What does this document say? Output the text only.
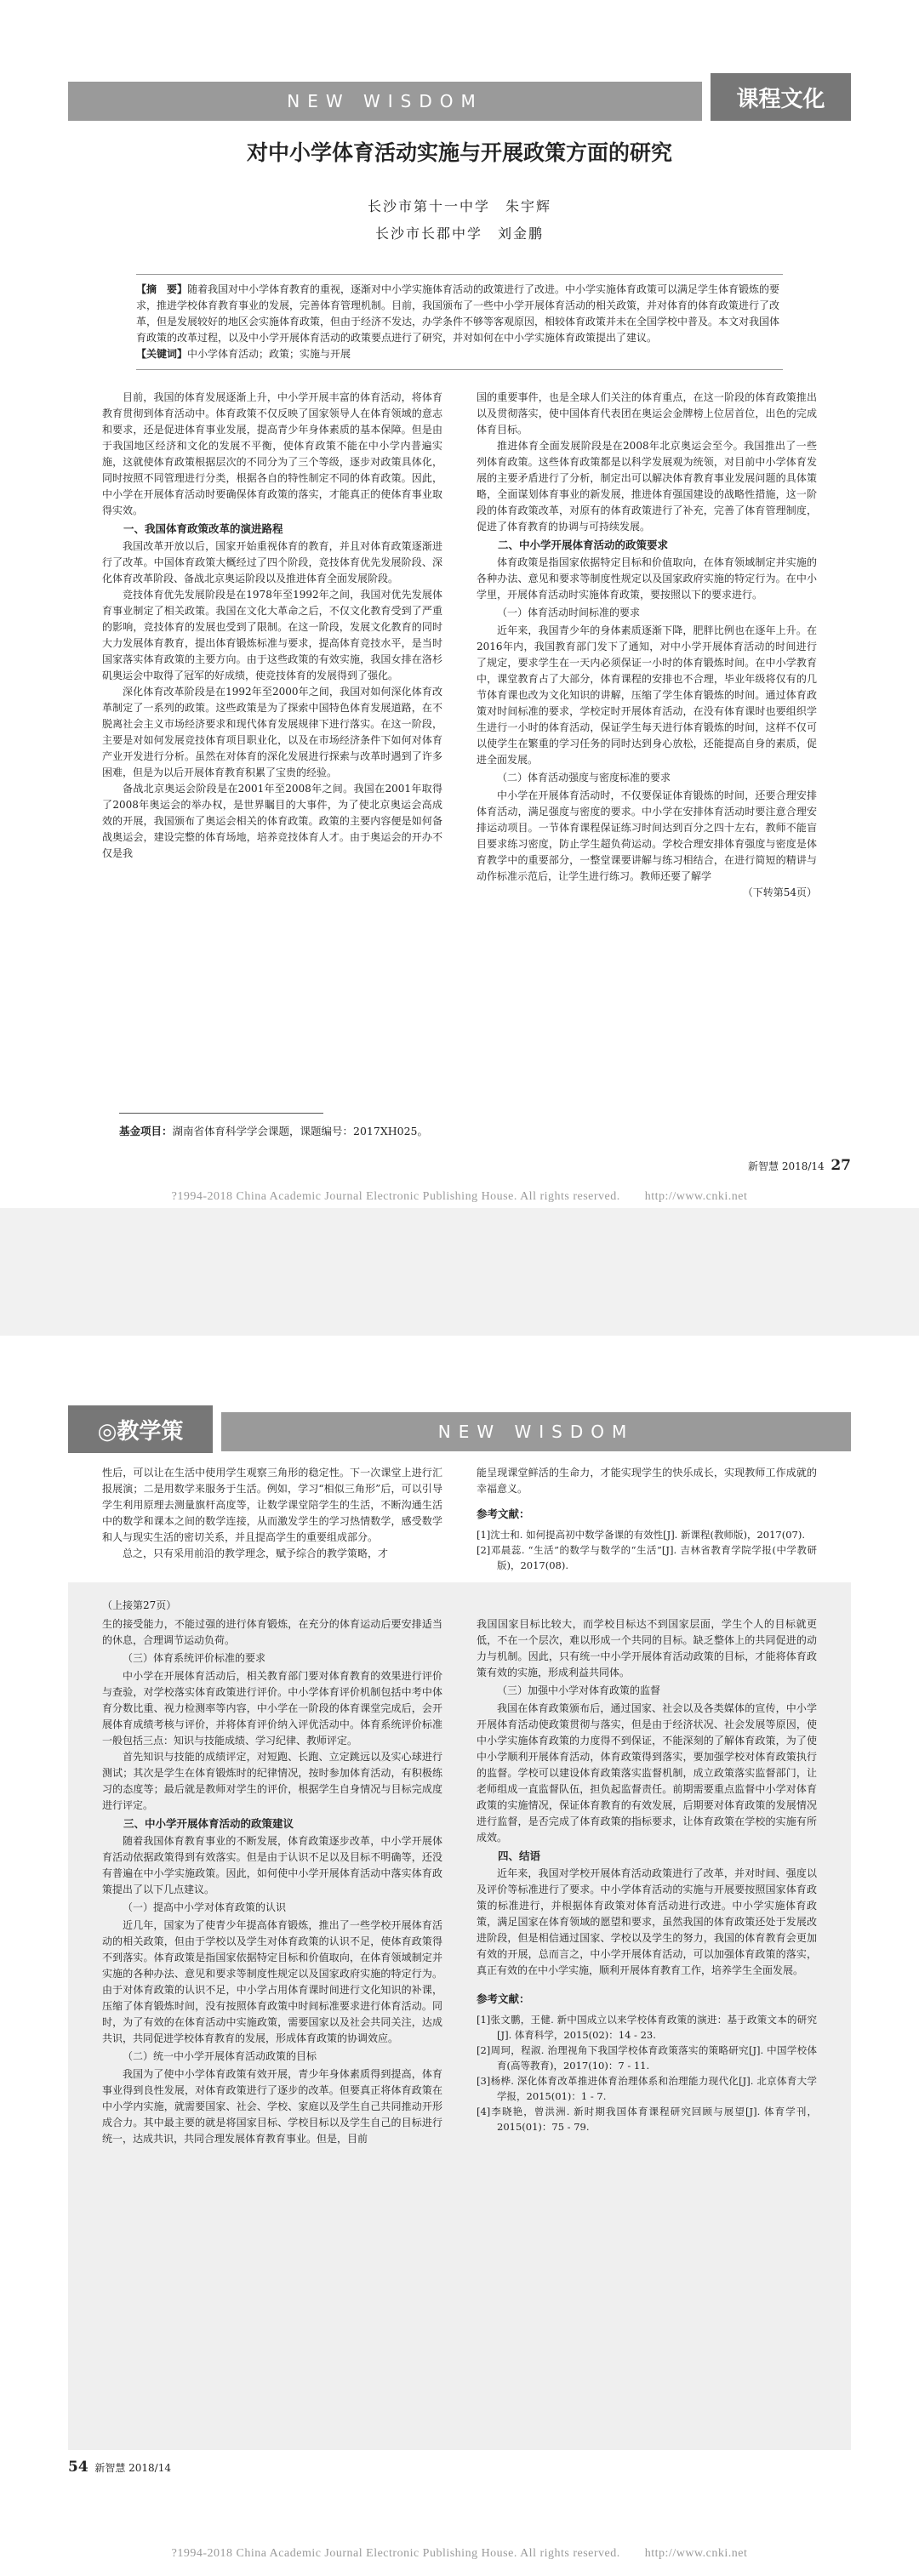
NEW WISDOM	课程文化
对中小学体育活动实施与开展政策方面的研究
长沙市第十一中学　朱宇辉
长沙市长郡中学　刘金鹏
【摘　要】随着我国对中小学体育教育的重视，逐渐对中小学实施体育活动的政策进行了改进。中小学实施体育政策可以满足学生体育锻炼的要求，推进学校体育教育事业的发展，完善体育管理机制。目前，我国颁布了一些中小学开展体育活动的相关政策，并对体育的体育政策进行了改革，但是发展较好的地区会实施体育政策，但由于经济不发达，办学条件不够等客观原因，相较体育政策并未在全国学校中普及。本文对我国体育政策的改革过程，以及中小学开展体育活动的政策要点进行了研究，并对如何在中小学实施体育政策提出了建议。
【关键词】中小学体育活动；政策；实施与开展

目前，我国的体育发展逐渐上升，中小学开展丰富的体育活动，将体育教育贯彻到体育活动中。体育政策不仅反映了国家领导人在体育领域的意志和要求，还是促进体育事业发展，提高青少年身体素质的基本保障。但是由于我国地区经济和文化的发展不平衡，使体育政策不能在中小学内普遍实施，这就使体育政策根据层次的不同分为了三个等级，逐步对政策具体化，同时按照不同管理进行分类，根据各自的特性制定不同的体育政策。因此，中小学在开展体育活动时要确保体育政策的落实，才能真正的使体育事业取得实效。

一、我国体育政策改革的演进路程

我国改革开放以后，国家开始重视体育的教育，并且对体育政策逐渐进行了改革。中国体育政策大概经过了四个阶段，竞技体育优先发展阶段、深化体育改革阶段、备战北京奥运阶段以及推进体育全面发展阶段。

竞技体育优先发展阶段是在1978年至1992年之间，我国对优先发展体育事业制定了相关政策。我国在文化大革命之后，不仅文化教育受到了严重的影响，竞技体育的发展也受到了限制。在这一阶段，发展文化教育的同时大力发展体育教育，提出体育锻炼标准与要求，提高体育竞技水平，是当时国家落实体育政策的主要方向。由于这些政策的有效实施，我国女排在洛杉矶奥运会中取得了冠军的好成绩，使竞技体育的发展得到了强化。

深化体育改革阶段是在1992年至2000年之间，我国对如何深化体育改革制定了一系列的政策。这些政策是为了探索中国特色体育发展道路，在不脱离社会主义市场经济要求和现代体育发展规律下进行落实。在这一阶段，主要是对如何发展竞技体育项目职业化，以及在市场经济条件下如何对体育产业开发进行分析。虽然在对体育的深化发展进行探索与改革时遇到了许多困难，但是为以后开展体育教育积累了宝贵的经验。

备战北京奥运会阶段是在2001年至2008年之间。我国在2001年取得了2008年奥运会的举办权，是世界瞩目的大事件，为了使北京奥运会高成效的开展，我国颁布了奥运会相关的体育政策。政策的主要内容便是如何备战奥运会，建设完整的体育场地，培养竞技体育人才。由于奥运会的开办不仅是我

国的重要事件，也是全球人们关注的体育重点，在这一阶段的体育政策推出以及贯彻落实，使中国体育代表团在奥运会金牌榜上位居首位，出色的完成体育目标。

推进体育全面发展阶段是在2008年北京奥运会至今。我国推出了一些列体育政策。这些体育政策都是以科学发展观为统领，对目前中小学体育发展的主要矛盾进行了分析，制定出可以解决体育教育事业发展问题的具体策略，全面谋划体育事业的新发展，推进体育强国建设的战略性措施，这一阶段的体育政策改革，对原有的体育政策进行了补充，完善了体育管理制度，促进了体育教育的协调与可持续发展。

二、中小学开展体育活动的政策要求

体育政策是指国家依据特定目标和价值取向，在体育领域制定并实施的各种办法、意见和要求等制度性规定以及国家政府实施的特定行为。在中小学里，开展体育活动时实施体育政策，要按照以下的要求进行。

（一）体育活动时间标准的要求

近年来，我国青少年的身体素质逐渐下降，肥胖比例也在逐年上升。在2016年内，我国教育部门发下了通知，对中小学开展体育活动的时间进行了规定，要求学生在一天内必须保证一小时的体育锻炼时间。在中小学教育中，课堂教育占了大部分，体育课程的安排也不合理，毕业年级将仅有的几节体育课也改为文化知识的讲解，压缩了学生体育锻炼的时间。通过体育政策对时间标准的要求，学校定时开展体育活动，在没有体育课时也要组织学生进行一小时的体育活动，保证学生每天进行体育锻炼的时间，这样不仅可以使学生在繁重的学习任务的同时达到身心放松，还能提高自身的素质，促进全面发展。

（二）体育活动强度与密度标准的要求

中小学在开展体育活动时，不仅要保证体育锻炼的时间，还要合理安排体育活动，满足强度与密度的要求。中小学在安排体育活动时要注意合理安排运动项目。一节体育课程保证练习时间达到百分之四十左右，教师不能盲目要求练习密度，防止学生超负荷运动。学校合理安排体育强度与密度是体育教学中的重要部分，一整堂课要讲解与练习相结合，在进行简短的精讲与动作标准示范后，让学生进行练习。教师还要了解学

（下转第54页）
基金项目：湖南省体育科学学会课题，课题编号：2017XH025。
新智慧 2018/14 27
?1994-2018 China Academic Journal Electronic Publishing House. All rights reserved.　　http://www.cnki.net
◎教学策	NEW WISDOM

性后，可以让在生活中使用学生观察三角形的稳定性。下一次课堂上进行汇报展演；二是用数学来服务于生活。例如，学习“相似三角形”后，可以引导学生利用原理去测量旗杆高度等，让数学课堂陪学生的生活，不断沟通生活中的数学和课本之间的数学连接，从而激发学生的学习热情数学，感受数学和人与现实生活的密切关系，并且提高学生的重要组成部分。

总之，只有采用前沿的教学理念，赋予综合的教学策略，才

能呈现课堂鲜活的生命力，才能实现学生的快乐成长，实现教师工作成就的幸福意义。

参考文献：
[1]沈士和. 如何提高初中数学备课的有效性[J]. 新课程(教师版)，2017(07).
[2]邓晨蕊. “生活”的数学与数学的“生活”[J]. 吉林省教育学院学报(中学教研版)，2017(08).
（上接第27页）

生的接受能力，不能过强的进行体育锻炼，在充分的体育运动后要安排适当的休息，合理调节运动负荷。

（三）体育系统评价标准的要求

中小学在开展体育活动后，相关教育部门要对体育教育的效果进行评价与查验，对学校落实体育政策进行评价。中小学体育评价机制包括中考中体育分数比重、视力检测率等内容，中小学在一阶段的体育课堂完成后，会开展体育成绩考核与评价，并将体育评价纳入评优活动中。体育系统评价标准一般包括三点：知识与技能成绩、学习纪律、教师评定。

首先知识与技能的成绩评定，对短跑、长跑、立定跳远以及实心球进行测试；其次是学生在体育锻炼时的纪律情况，按时参加体育活动，有积极练习的态度等；最后就是教师对学生的评价，根据学生自身情况与目标完成度进行评定。

三、中小学开展体育活动的政策建议

随着我国体育教育事业的不断发展，体育政策逐步改革，中小学开展体育活动依据政策得到有效落实。但是由于认识不足以及目标不明确等，还没有普遍在中小学实施政策。因此，如何使中小学开展体育活动中落实体育政策提出了以下几点建议。

（一）提高中小学对体育政策的认识

近几年，国家为了使青少年提高体育锻炼，推出了一些学校开展体育活动的相关政策，但由于学校以及学生对体育政策的认识不足，使体育政策得不到落实。体育政策是指国家依据特定目标和价值取向，在体育领域制定并实施的各种办法、意见和要求等制度性规定以及国家政府实施的特定行为。由于对体育政策的认识不足，中小学占用体育课时间进行文化知识的补课，压缩了体育锻炼时间，没有按照体育政策中时间标准要求进行体育活动。同时，为了有效的在体育活动中实施政策，需要国家以及社会共同关注，达成共识，共同促进学校体育教育的发展，形成体育政策的协调效应。

（二）统一中小学开展体育活动政策的目标

我国为了使中小学体育政策有效开展，青少年身体素质得到提高，体育事业得到良性发展，对体育政策进行了逐步的改革。但要真正将体育政策在中小学内实施，就需要国家、社会、学校、家庭以及学生自己共同推动开形成合力。其中最主要的就是将国家目标、学校目标以及学生自己的目标进行统一，达成共识，共同合理发展体育教育事业。但是，目前

我国国家目标比较大，而学校目标达不到国家层面，学生个人的目标就更低，不在一个层次，难以形成一个共同的目标。缺乏整体上的共同促进的动力与机制。因此，只有统一中小学开展体育活动政策的目标，才能将体育政策有效的实施，形成利益共同体。

（三）加强中小学对体育政策的监督

我国在体育政策颁布后，通过国家、社会以及各类媒体的宣传，中小学开展体育活动使政策贯彻与落实，但是由于经济状况、社会发展等原因，使中小学实施体育政策的力度得不到保证，不能深刻的了解体育政策，为了使中小学顺利开展体育活动，体育政策得到落实，要加强学校对体育政策执行的监督。学校可以建设体育政策落实监督机制，成立政策落实监督部门，让老师组成一直监督队伍，担负起监督责任。前期需要重点监督中小学对体育政策的实施情况，保证体育教育的有效发展，后期要对体育政策的发展情况进行监督，是否完成了体育政策的指标要求，让体育政策在学校的实施有所成效。

四、结语

近年来，我国对学校开展体育活动政策进行了改革，并对时间、强度以及评价等标准进行了要求。中小学体育活动的实施与开展要按照国家体育政策的标准进行，并根据体育政策对体育活动进行改进。中小学实施体育政策，满足国家在体育领域的愿望和要求，虽然我国的体育政策还处于发展改进阶段，但是相信通过国家、学校以及学生的努力，我国的体育教育会更加有效的开展，总而言之，中小学开展体育活动，可以加强体育政策的落实，真正有效的在中小学实施，顺利开展体育教育工作，培养学生全面发展。

参考文献：
[1]张文鹏，王健. 新中国成立以来学校体育政策的演进：基于政策文本的研究[J]. 体育科学，2015(02)：14 - 23.
[2]周珂，程淑. 治理视角下我国学校体育政策落实的策略研究[J]. 中国学校体育(高等教育)，2017(10)：7 - 11.
[3]杨桦. 深化体育改革推进体育治理体系和治理能力现代化[J]. 北京体育大学学报，2015(01)：1 - 7.
[4]李晓艳，曾洪洲. 新时期我国体育课程研究回顾与展望[J]. 体育学刊，2015(01)：75 - 79.
54 新智慧 2018/14
?1994-2018 China Academic Journal Electronic Publishing House. All rights reserved.　　http://www.cnki.net
